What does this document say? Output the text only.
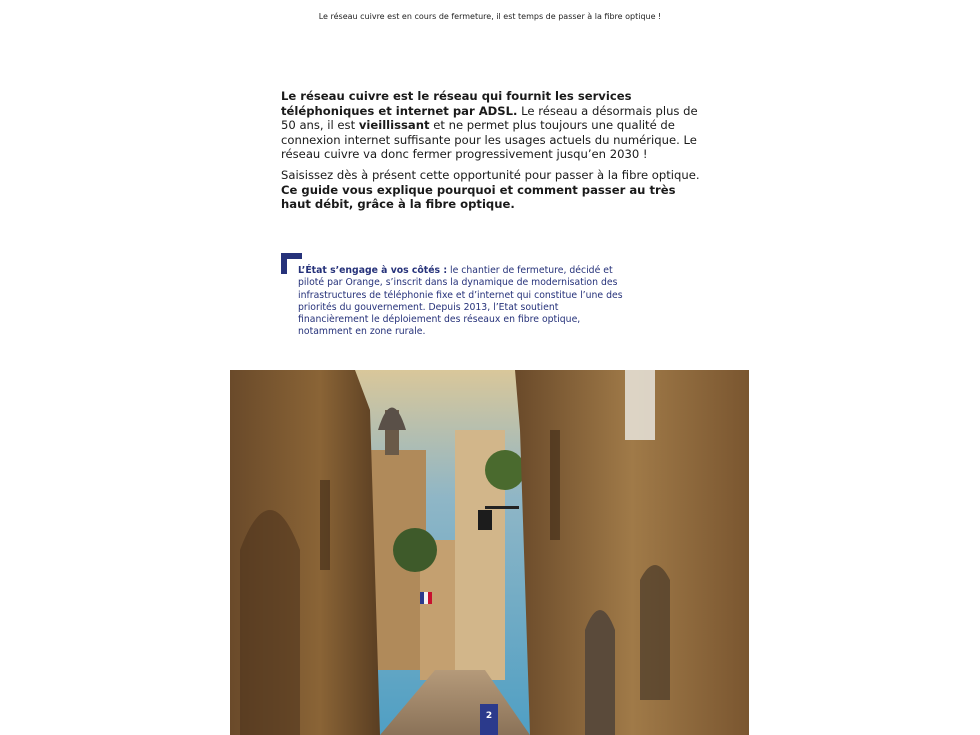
Le réseau cuivre est en cours de fermeture, il est temps de passer à la fibre optique !

Le réseau cuivre est le réseau qui fournit les services téléphoniques et internet par ADSL. Le réseau a désormais plus de 50 ans, il est vieillissant et ne permet plus toujours une qualité de connexion internet suffisante pour les usages actuels du numérique. Le réseau cuivre va donc fermer progressivement jusqu’en 2030 !

Saisissez dès à présent cette opportunité pour passer à la fibre optique. Ce guide vous explique pourquoi et comment passer au très haut débit, grâce à la fibre optique.

L’État s’engage à vos côtés : le chantier de fermeture, décidé et piloté par Orange, s’inscrit dans la dynamique de modernisation des infrastructures de téléphonie fixe et d’internet qui constitue l’une des priorités du gouvernement. Depuis 2013, l’Etat soutient financièrement le déploiement des réseaux en fibre optique, notamment en zone rurale.
2
